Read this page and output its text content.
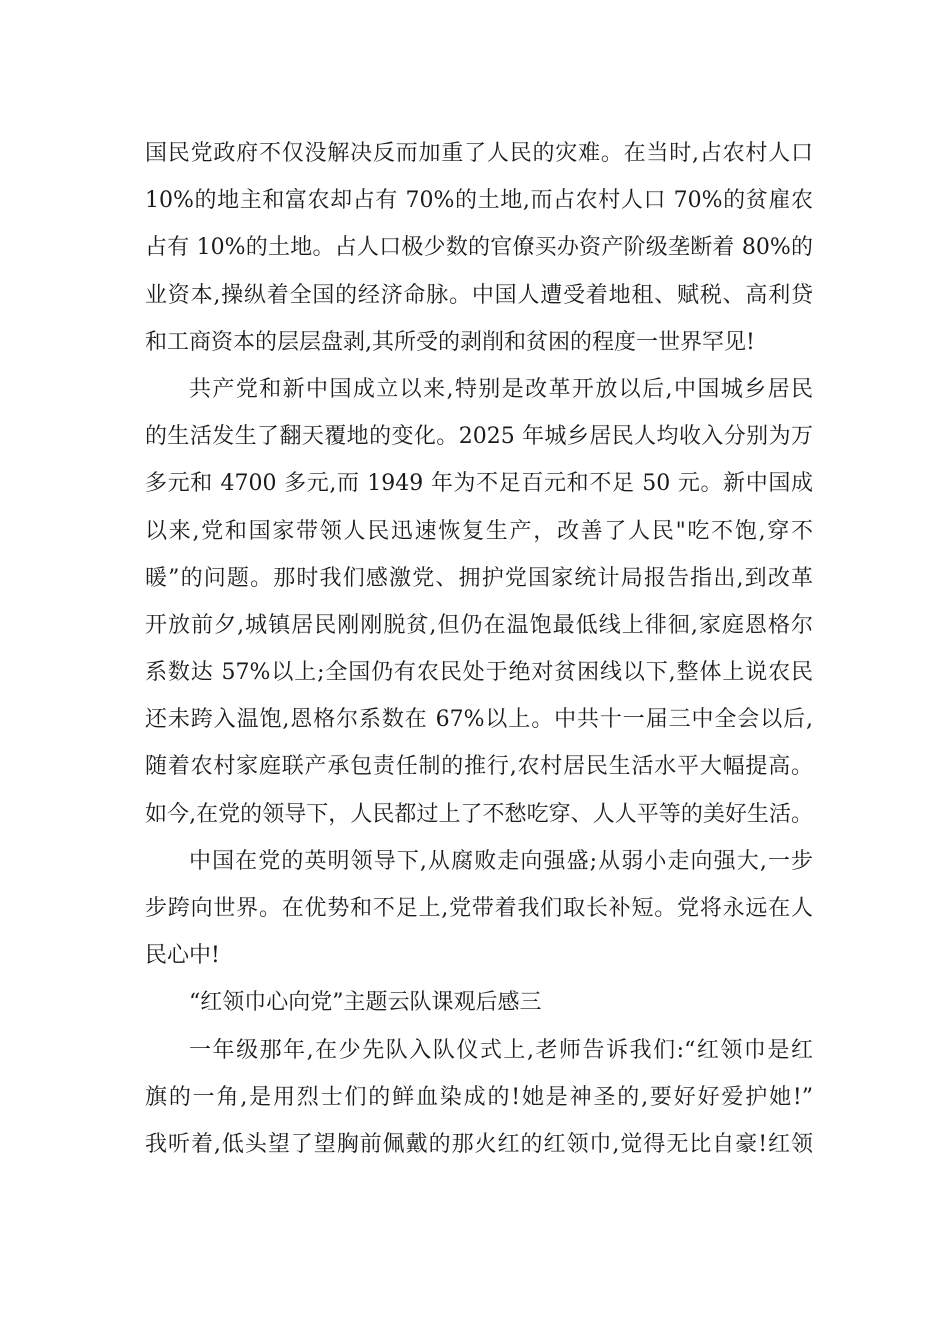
国民党政府不仅没解决反而加重了人民的灾难。在当时,占农村人口
10%的地主和富农却占有 70%的土地,而占农村人口 70%的贫雇农
占有 10%的土地。占人口极少数的官僚买办资产阶级垄断着 80%的
业资本,操纵着全国的经济命脉。中国人遭受着地租、赋税、高利贷
和工商资本的层层盘剥,其所受的剥削和贫困的程度一世界罕见!
共产党和新中国成立以来,特别是改革开放以后,中国城乡居民
的生活发生了翻天覆地的变化。2025 年城乡居民人均收入分别为万
多元和 4700 多元,而 1949 年为不足百元和不足 50 元。新中国成
以来,党和国家带领人民迅速恢复生产，改善了人民"吃不饱,穿不
暖”的问题。那时我们感激党、拥护党国家统计局报告指出,到改革
开放前夕,城镇居民刚刚脱贫,但仍在温饱最低线上徘徊,家庭恩格尔
系数达 57%以上;全国仍有农民处于绝对贫困线以下,整体上说农民
还未跨入温饱,恩格尔系数在 67%以上。中共十一届三中全会以后,
随着农村家庭联产承包责任制的推行,农村居民生活水平大幅提高。
如今,在党的领导下，人民都过上了不愁吃穿、人人平等的美好生活。
中国在党的英明领导下,从腐败走向强盛;从弱小走向强大,一步
步跨向世界。在优势和不足上,党带着我们取长补短。党将永远在人
民心中!
“红领巾心向党”主题云队课观后感三
一年级那年,在少先队入队仪式上,老师告诉我们:“红领巾是红
旗的一角,是用烈士们的鲜血染成的!她是神圣的,要好好爱护她!”
我听着,低头望了望胸前佩戴的那火红的红领巾,觉得无比自豪!红领
